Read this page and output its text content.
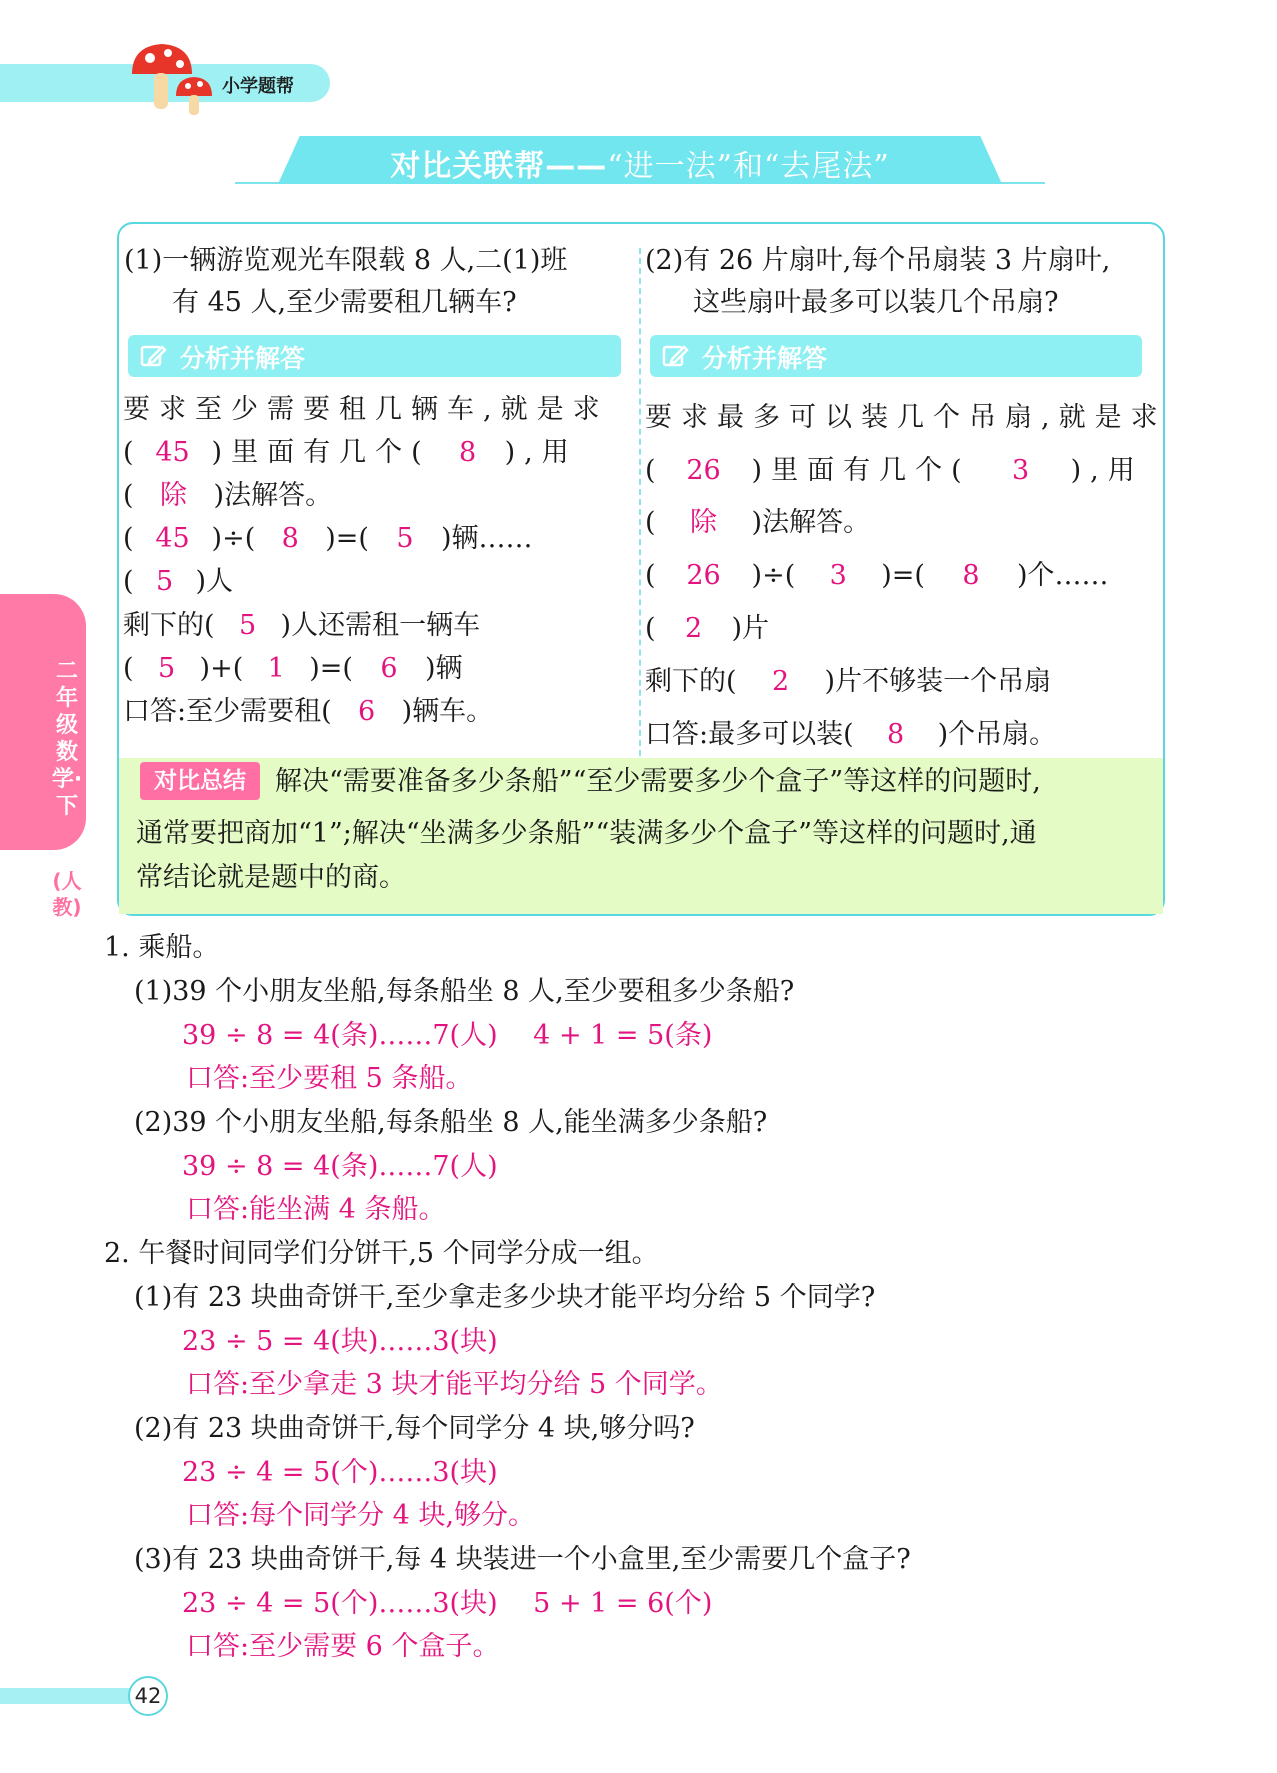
小学题帮
对比关联帮——“进一法”和“去尾法”
(1)一辆游览观光车限载 8 人,二(1)班
有 45 人,至少需要租几辆车?
分析并解答
要求至少需要租几辆车,就是求
( 45 )里面有几个( 8 ),用
( 除 )法解答。
( 45 )÷( 8 )=( 5 )辆……
( 5 )人
剩下的( 5 )人还需租一辆车
( 5 )+( 1 )=( 6 )辆
口答:至少需要租( 6 )辆车。
(2)有 26 片扇叶,每个吊扇装 3 片扇叶,
这些扇叶最多可以装几个吊扇?
分析并解答
要求最多可以装几个吊扇,就是求
( 26 )里面有几个( 3 ),用
( 除 )法解答。
( 26 )÷( 3 )=( 8 )个……
( 2 )片
剩下的( 2 )片不够装一个吊扇
口答:最多可以装( 8 )个吊扇。
对比总结	解决“需要准备多少条船”“至少需要多少个盒子”等这样的问题时,
通常要把商加“1”;解决“坐满多少条船”“装满多少个盒子”等这样的问题时,通
常结论就是题中的商。
二年级数学·下
(人教)
1. 乘船。
(1)39 个小朋友坐船,每条船坐 8 人,至少要租多少条船?
39 ÷ 8 = 4(条)……7(人)　 4 + 1 = 5(条)
口答:至少要租 5 条船。
(2)39 个小朋友坐船,每条船坐 8 人,能坐满多少条船?
39 ÷ 8 = 4(条)……7(人)
口答:能坐满 4 条船。
2. 午餐时间同学们分饼干,5 个同学分成一组。
(1)有 23 块曲奇饼干,至少拿走多少块才能平均分给 5 个同学?
23 ÷ 5 = 4(块)……3(块)
口答:至少拿走 3 块才能平均分给 5 个同学。
(2)有 23 块曲奇饼干,每个同学分 4 块,够分吗?
23 ÷ 4 = 5(个)……3(块)
口答:每个同学分 4 块,够分。
(3)有 23 块曲奇饼干,每 4 块装进一个小盒里,至少需要几个盒子?
23 ÷ 4 = 5(个)……3(块)　 5 + 1 = 6(个)
口答:至少需要 6 个盒子。
42
